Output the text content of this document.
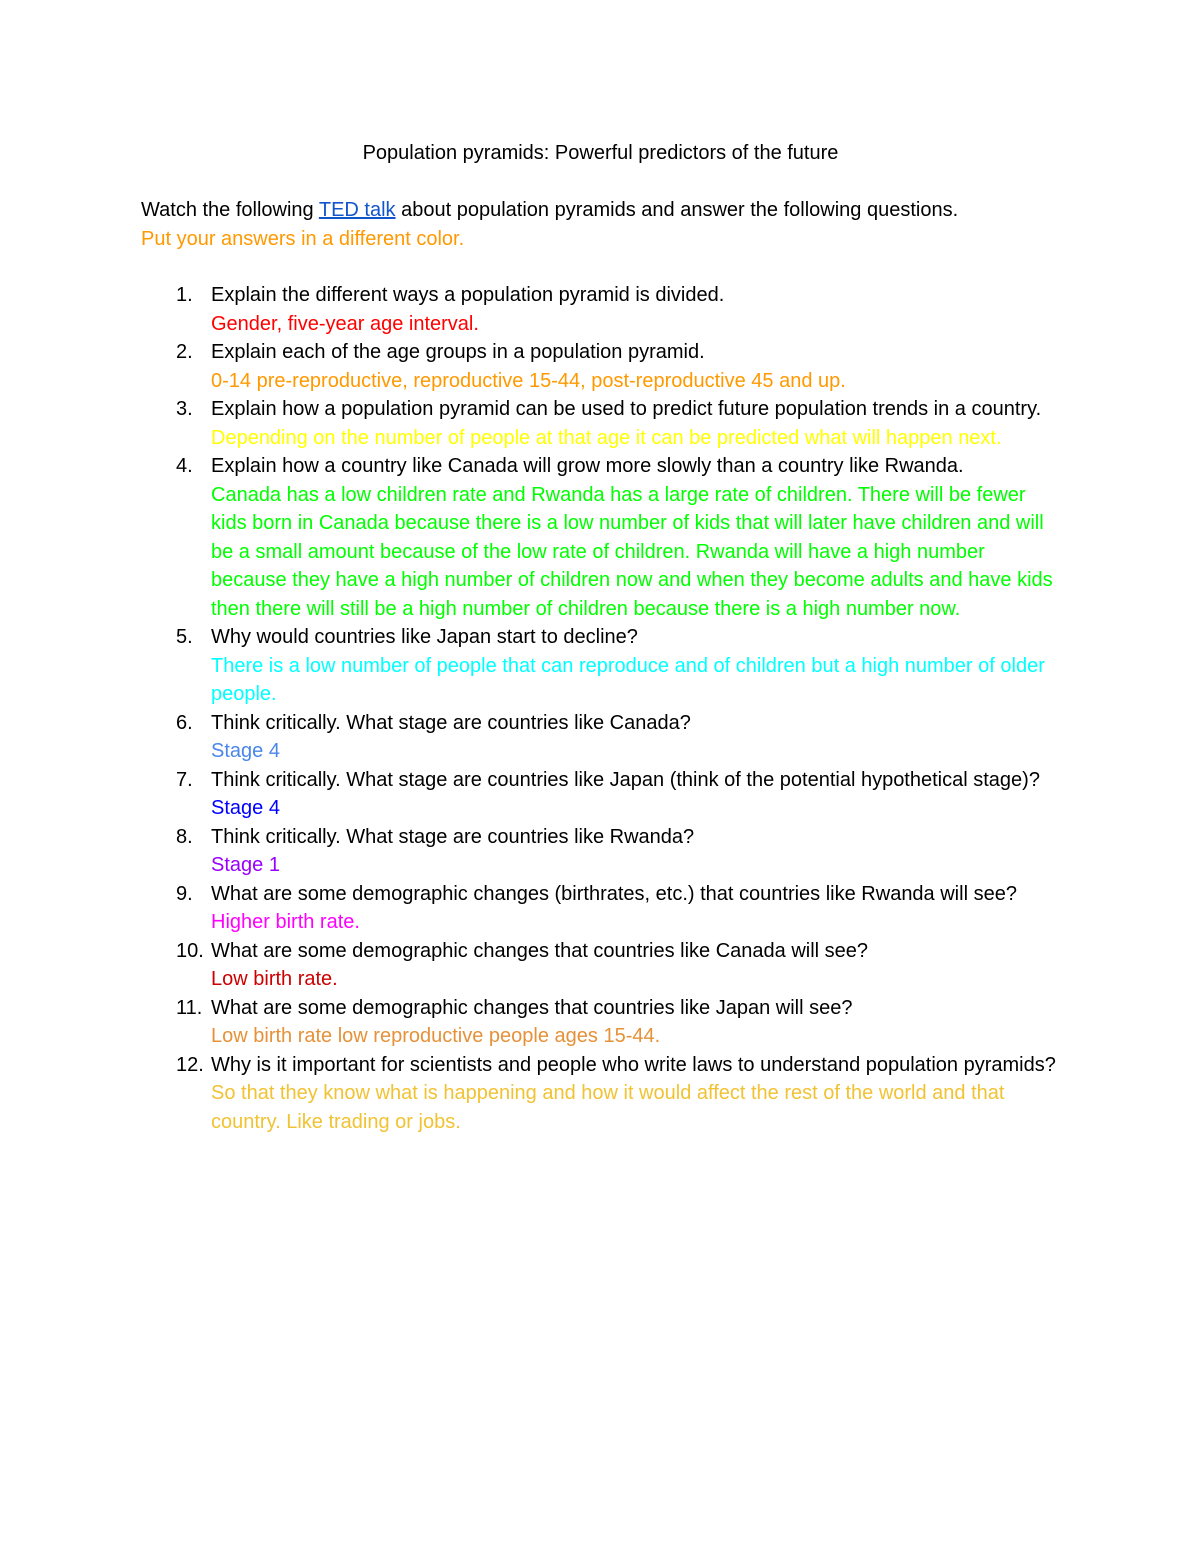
Population pyramids: Powerful predictors of the future
Watch the following TED talk about population pyramids and answer the following questions.
Put your answers in a different color.
1. Explain the different ways a population pyramid is divided.
Gender, five-year age interval.
2. Explain each of the age groups in a population pyramid.
0-14 pre-reproductive, reproductive 15-44, post-reproductive 45 and up.
3. Explain how a population pyramid can be used to predict future population trends in a country.
Depending on the number of people at that age it can be predicted what will happen next.
4. Explain how a country like Canada will grow more slowly than a country like Rwanda.
Canada has a low children rate and Rwanda has a large rate of children. There will be fewer kids born in Canada because there is a low number of kids that will later have children and will be a small amount because of the low rate of children. Rwanda will have a high number because they have a high number of children now and when they become adults and have kids then there will still be a high number of children because there is a high number now.
5. Why would countries like Japan start to decline?
There is a low number of people that can reproduce and of children but a high number of older people.
6. Think critically. What stage are countries like Canada?
Stage 4
7. Think critically. What stage are countries like Japan (think of the potential hypothetical stage)?
Stage 4
8. Think critically. What stage are countries like Rwanda?
Stage 1
9. What are some demographic changes (birthrates, etc.) that countries like Rwanda will see?
Higher birth rate.
10. What are some demographic changes that countries like Canada will see?
Low birth rate.
11. What are some demographic changes that countries like Japan will see?
Low birth rate low reproductive people ages 15-44.
12. Why is it important for scientists and people who write laws to understand population pyramids?
So that they know what is happening and how it would affect the rest of the world and that country. Like trading or jobs.
